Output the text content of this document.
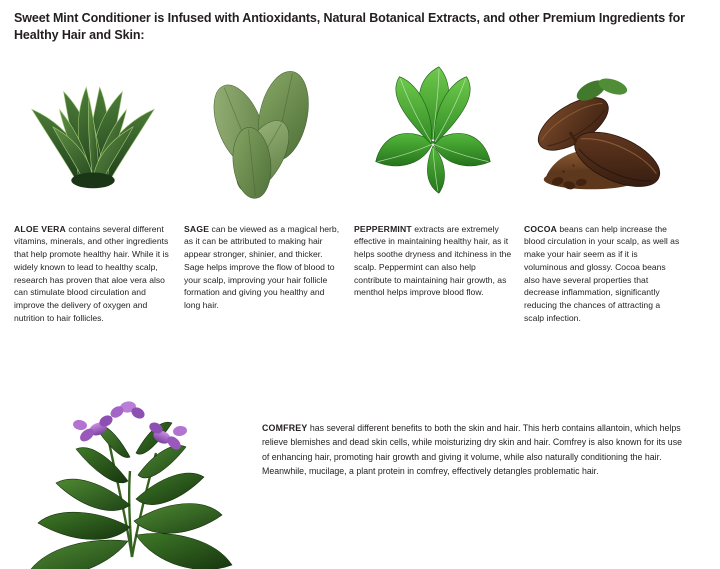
Sweet Mint Conditioner is Infused with Antioxidants, Natural Botanical Extracts, and other Premium Ingredients for Healthy Hair and Skin:

ALOE VERA contains several different vitamins, minerals, and other ingredients that help promote healthy hair. While it is widely known to lead to healthy scalp, research has proven that aloe vera also can stimulate blood circulation and improve the delivery of oxygen and nutrition to hair follicles.

SAGE can be viewed as a magical herb, as it can be attributed to making hair appear stronger, shinier, and thicker. Sage helps improve the flow of blood to your scalp, improving your hair follicle formation and giving you healthy and long hair.

PEPPERMINT extracts are extremely effective in maintaining healthy hair, as it helps soothe dryness and itchiness in the scalp. Peppermint can also help contribute to maintaining hair growth, as menthol helps improve blood flow.

COCOA beans can help increase the blood circulation in your scalp, as well as make your hair seem as if it is voluminous and glossy. Cocoa beans also have several properties that decrease inflammation, significantly reducing the chances of attracting a scalp infection.

COMFREY has several different benefits to both the skin and hair. This herb contains allantoin, which helps relieve blemishes and dead skin cells, while moisturizing dry skin and hair. Comfrey is also known for its use of enhancing hair, promoting hair growth and giving it volume, while also naturally conditioning the hair. Meanwhile, mucilage, a plant protein in comfrey, effectively detangles problematic hair.
